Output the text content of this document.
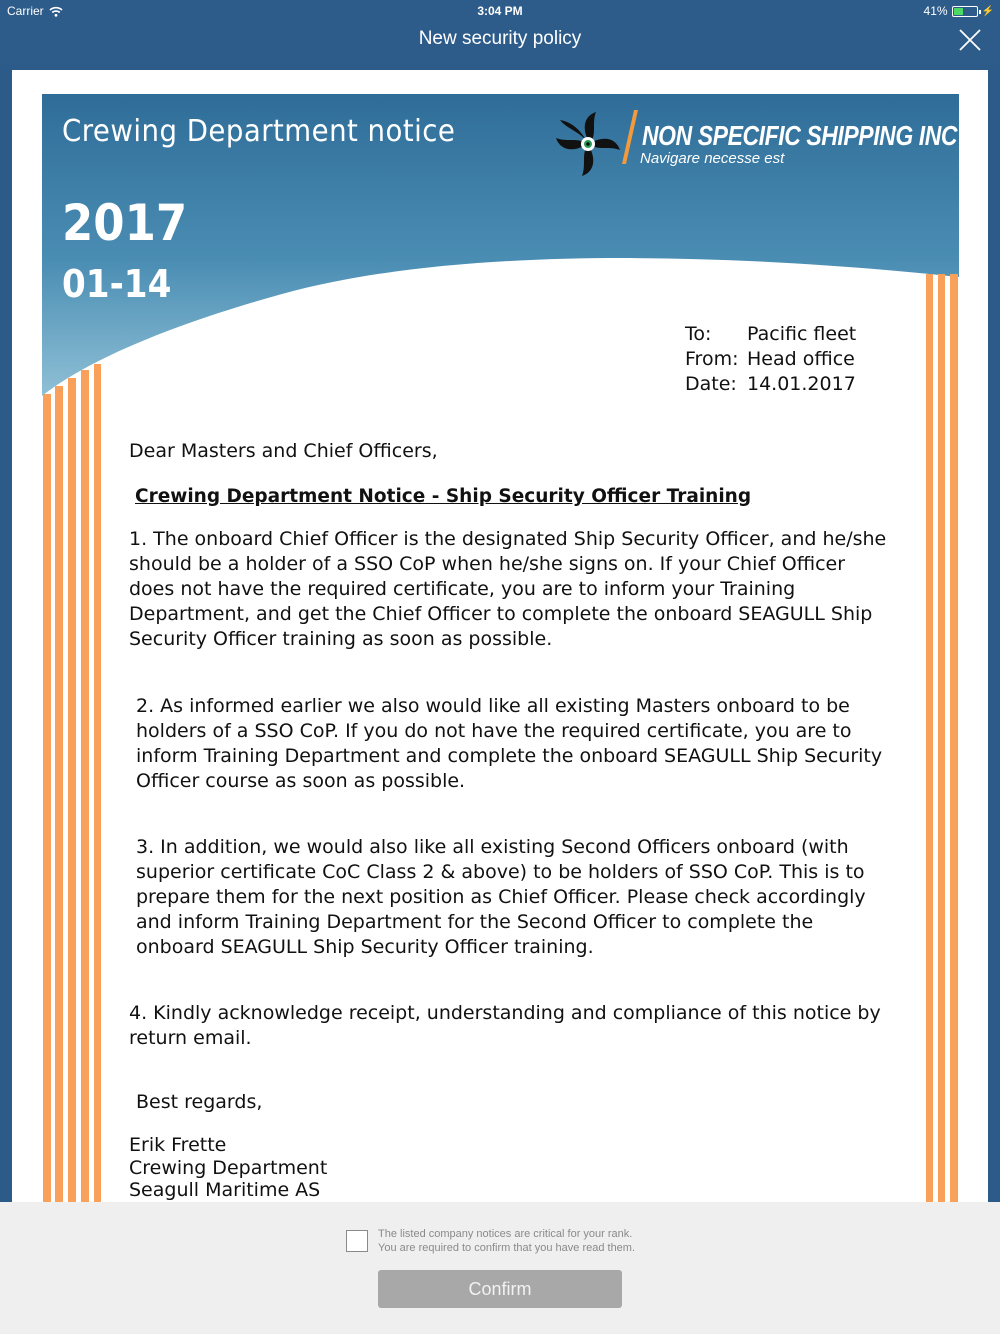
Carrier	3:04 PM	41%	⚡
New security policy
Crewing Department notice
2017
01-14
NON SPECIFIC SHIPPING INC
Navigare necesse est
To:	Pacific fleet
From: Head office
Date: 14.01.2017
Dear Masters and Chief Officers,
Crewing Department Notice - Ship Security Officer Training
1. The onboard Chief Officer is the designated Ship Security Officer, and he/she should be a holder of a SSO CoP when he/she signs on. If your Chief Officer does not have the required certificate, you are to inform your Training Department, and get the Chief Officer to complete the onboard SEAGULL Ship Security Officer training as soon as possible.
2. As informed earlier we also would like all existing Masters onboard to be holders of a SSO CoP. If you do not have the required certificate, you are to inform Training Department and complete the onboard SEAGULL Ship Security Officer course as soon as possible.
3. In addition, we would also like all existing Second Officers onboard (with superior certificate CoC Class 2 & above) to be holders of SSO CoP. This is to prepare them for the next position as Chief Officer. Please check accordingly and inform Training Department for the Second Officer to complete the onboard SEAGULL Ship Security Officer training.
4. Kindly acknowledge receipt, understanding and compliance of this notice by return email.
Best regards,
Erik Frette
Crewing Department
Seagull Maritime AS
The listed company notices are critical for your rank.
You are required to confirm that you have read them.
Confirm
